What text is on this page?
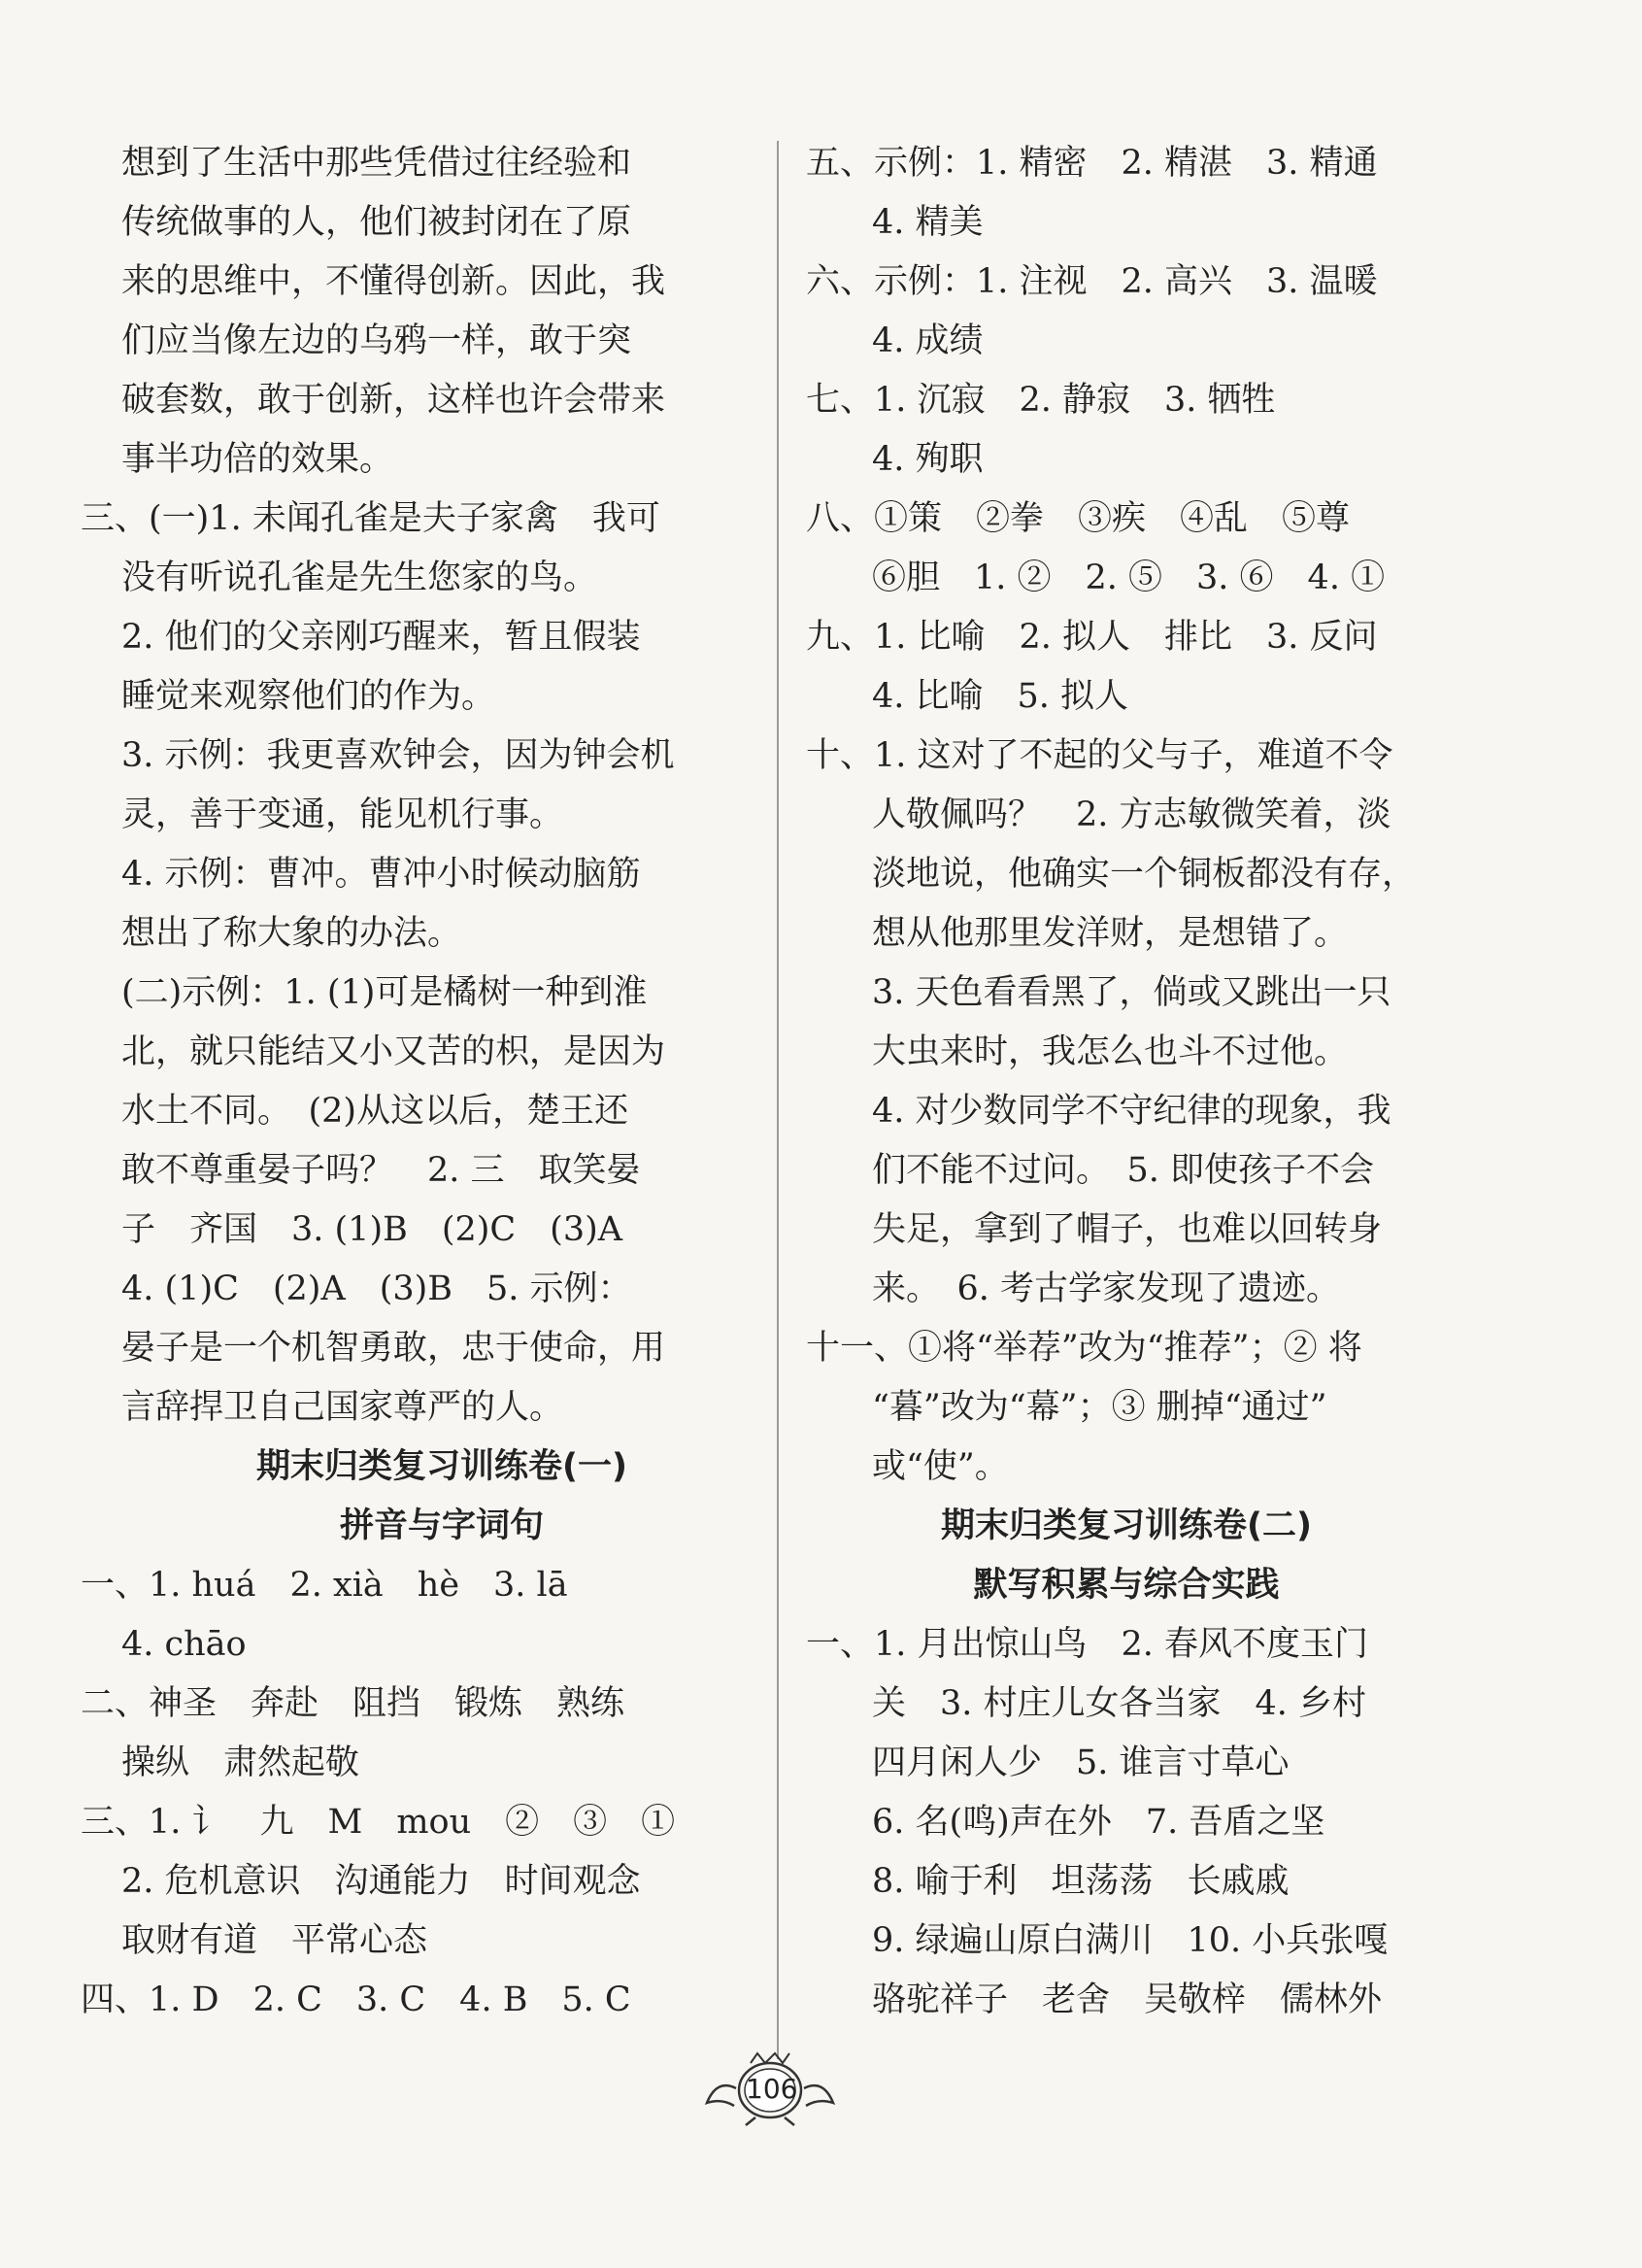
想到了生活中那些凭借过往经验和
传统做事的人，他们被封闭在了原
来的思维中，不懂得创新。因此，我
们应当像左边的乌鸦一样，敢于突
破套数，敢于创新，这样也许会带来
事半功倍的效果。
三、(一)1. 未闻孔雀是夫子家禽　我可
没有听说孔雀是先生您家的鸟。
2. 他们的父亲刚巧醒来，暂且假装
睡觉来观察他们的作为。
3. 示例：我更喜欢钟会，因为钟会机
灵，善于变通，能见机行事。
4. 示例：曹冲。曹冲小时候动脑筋
想出了称大象的办法。
(二)示例：1. (1)可是橘树一种到淮
北，就只能结又小又苦的枳，是因为
水土不同。　(2)从这以后，楚王还
敢不尊重晏子吗？　2. 三　取笑晏
子　齐国　3. (1)B　(2)C　(3)A
4. (1)C　(2)A　(3)B　5. 示例：
晏子是一个机智勇敢，忠于使命，用
言辞捍卫自己国家尊严的人。
期末归类复习训练卷(一)
拼音与字词句
一、1. huá　2. xià　hè　3. lā
4. chāo
二、神圣　奔赴　阻挡　锻炼　熟练
操纵　肃然起敬
三、1. 讠　九　M　mou　②　③　①
2. 危机意识　沟通能力　时间观念
取财有道　平常心态
四、1. D　2. C　3. C　4. B　5. C
五、示例：1. 精密　2. 精湛　3. 精通
4. 精美
六、示例：1. 注视　2. 高兴　3. 温暖
4. 成绩
七、1. 沉寂　2. 静寂　3. 牺牲
4. 殉职
八、①策　②拳　③疾　④乱　⑤尊
⑥胆　1. ②　2. ⑤　3. ⑥　4. ①
九、1. 比喻　2. 拟人　排比　3. 反问
4. 比喻　5. 拟人
十、1. 这对了不起的父与子，难道不令
人敬佩吗？　2. 方志敏微笑着，淡
淡地说，他确实一个铜板都没有存，
想从他那里发洋财，是想错了。
3. 天色看看黑了，倘或又跳出一只
大虫来时，我怎么也斗不过他。
4. 对少数同学不守纪律的现象，我
们不能不过问。　5. 即使孩子不会
失足，拿到了帽子，也难以回转身
来。　6. 考古学家发现了遗迹。
十一、①将“举荐”改为“推荐”；② 将
“暮”改为“幕”；③ 删掉“通过”
或“使”。
期末归类复习训练卷(二)
默写积累与综合实践
一、1. 月出惊山鸟　2. 春风不度玉门
关　3. 村庄儿女各当家　4. 乡村
四月闲人少　5. 谁言寸草心
6. 名(鸣)声在外　7. 吾盾之坚
8. 喻于利　坦荡荡　长戚戚
9. 绿遍山原白满川　10. 小兵张嘎
骆驼祥子　老舍　吴敬梓　儒林外
106
